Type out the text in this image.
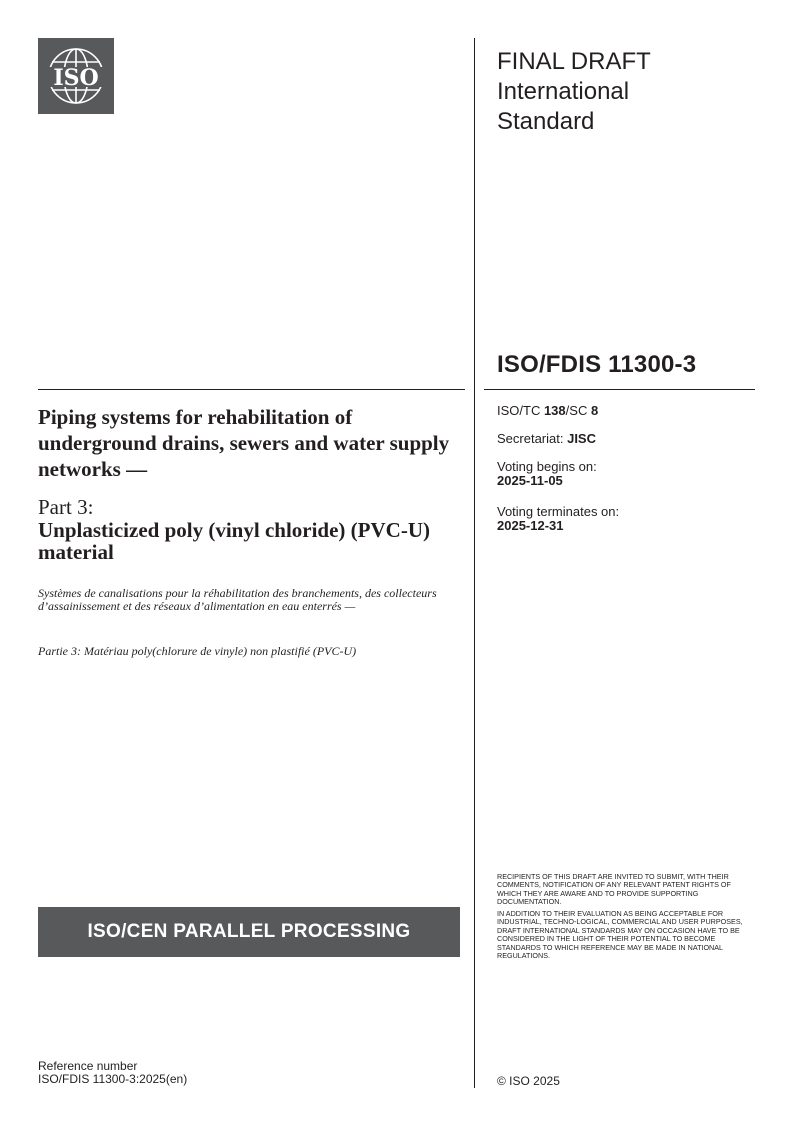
ISO
FINAL DRAFT
International
Standard
ISO/FDIS 11300-3
Piping systems for rehabilitation of underground drains, sewers and water supply networks —
Part 3:
Unplasticized poly (vinyl chloride) (PVC-U) material
Systèmes de canalisations pour la réhabilitation des branchements, des collecteurs d’assainissement et des réseaux d’alimentation en eau enterrés —
Partie 3: Matériau poly(chlorure de vinyle) non plastifié (PVC-U)
ISO/TC 138/SC 8
Secretariat: JISC
Voting begins on:
2025-11-05
Voting terminates on:
2025-12-31
ISO/CEN PARALLEL PROCESSING
RECIPIENTS OF THIS DRAFT ARE INVITED TO SUBMIT, WITH THEIR COMMENTS, NOTIFICATION OF ANY RELEVANT PATENT RIGHTS OF WHICH THEY ARE AWARE AND TO PROVIDE SUPPORTING DOCUMENTATION.
IN ADDITION TO THEIR EVALUATION AS BEING ACCEPTABLE FOR INDUSTRIAL, TECHNO-LOGICAL, COMMERCIAL AND USER PURPOSES, DRAFT INTERNATIONAL STANDARDS MAY ON OCCASION HAVE TO BE CONSIDERED IN THE LIGHT OF THEIR POTENTIAL TO BECOME STANDARDS TO WHICH REFERENCE MAY BE MADE IN NATIONAL REGULATIONS.
Reference number
ISO/FDIS 11300-3:2025(en)	© ISO 2025
